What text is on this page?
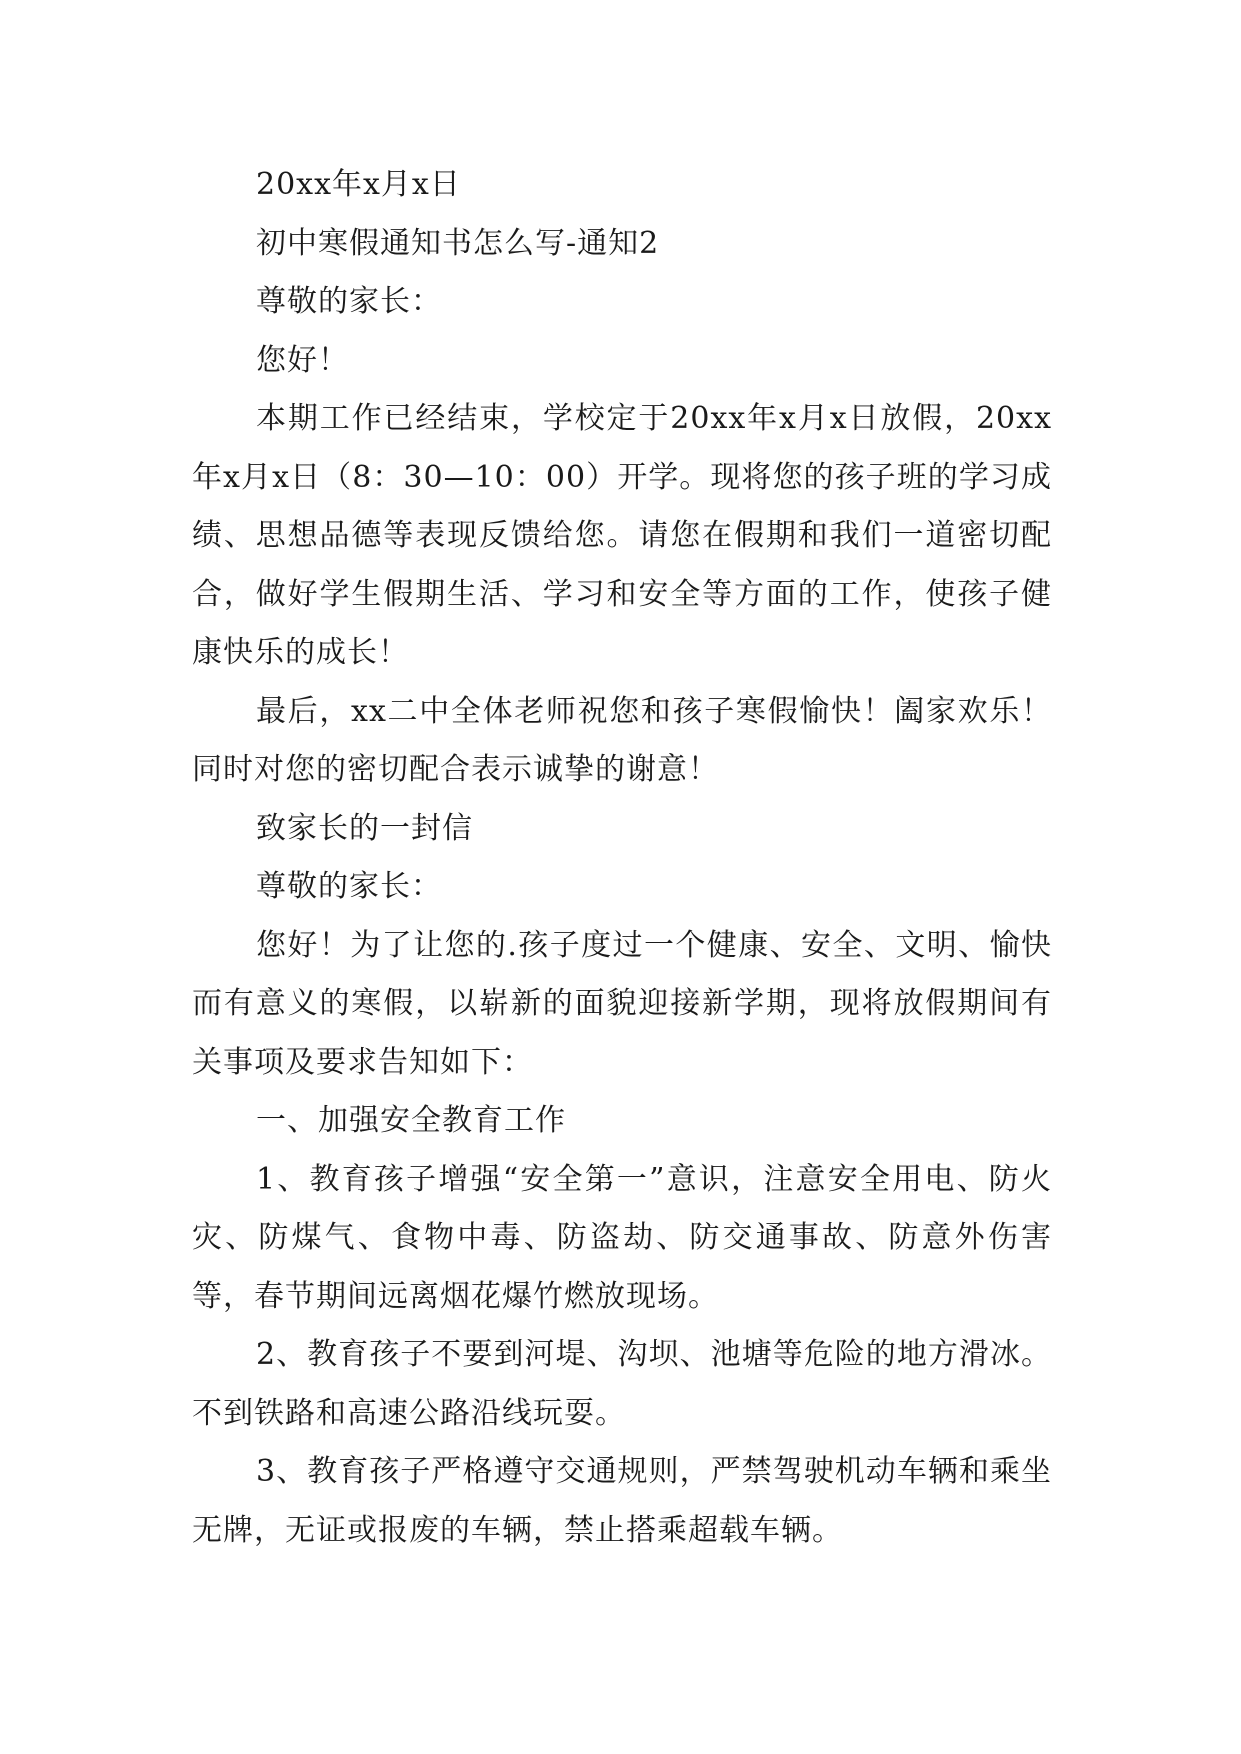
20xx年x月x日

初中寒假通知书怎么写-通知2

尊敬的家长：

您好！

本期工作已经结束，学校定于20xx年x月x日放假，20xx年x月x日（8：30—10：00）开学。现将您的孩子班的学习成绩、思想品德等表现反馈给您。请您在假期和我们一道密切配合，做好学生假期生活、学习和安全等方面的工作，使孩子健康快乐的成长！

最后，xx二中全体老师祝您和孩子寒假愉快！阖家欢乐！同时对您的密切配合表示诚挚的谢意！

致家长的一封信

尊敬的家长：

您好！为了让您的.孩子度过一个健康、安全、文明、愉快而有意义的寒假，以崭新的面貌迎接新学期，现将放假期间有关事项及要求告知如下：

一、加强安全教育工作

1、教育孩子增强“安全第一”意识，注意安全用电、防火灾、防煤气、食物中毒、防盗劫、防交通事故、防意外伤害等，春节期间远离烟花爆竹燃放现场。

2、教育孩子不要到河堤、沟坝、池塘等危险的地方滑冰。不到铁路和高速公路沿线玩耍。

3、教育孩子严格遵守交通规则，严禁驾驶机动车辆和乘坐无牌，无证或报废的车辆，禁止搭乘超载车辆。
